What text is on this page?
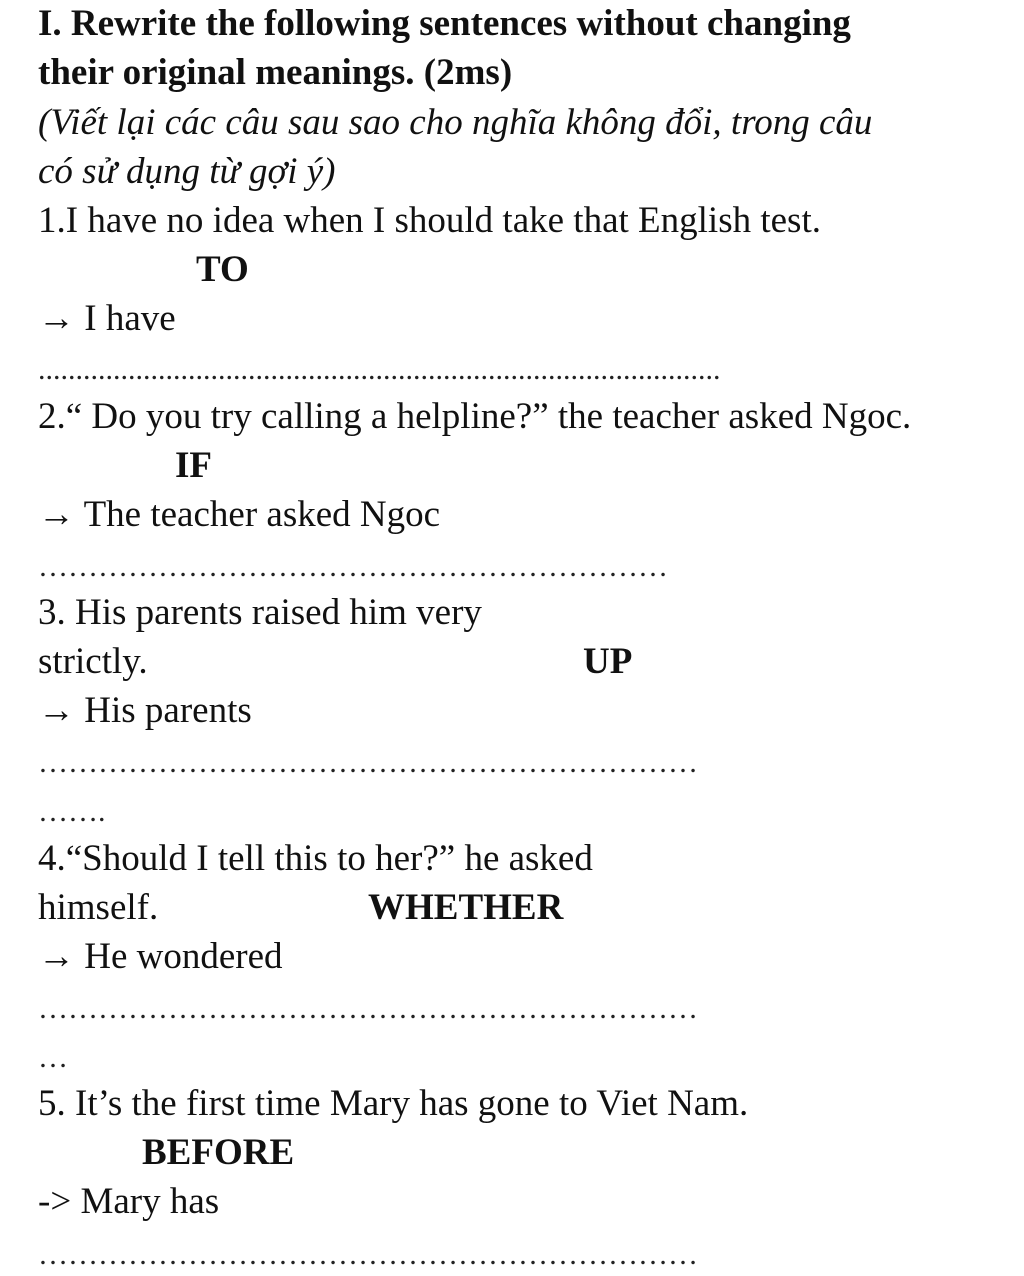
I. Rewrite the following sentences without changing
their original meanings. (2ms)
(Viết lại các câu sau sao cho nghĩa không đổi, trong câu
có sử dụng từ gợi ý)
1.I have no idea when I should take that English test.
TO
→ I have
...........................................................................................
2.“ Do you try calling a helpline?” the teacher asked Ngoc.
IF
→ The teacher asked Ngoc
………………………………………………………
3. His parents raised him very
strictly.	UP
→ His parents
…………………………………………………………
…….
4.“Should I tell this to her?” he asked
himself.	WHETHER
→ He wondered
…………………………………………………………
…
5. It’s the first time Mary has gone to Viet Nam.
BEFORE
-> Mary has
…………………………………………………………
